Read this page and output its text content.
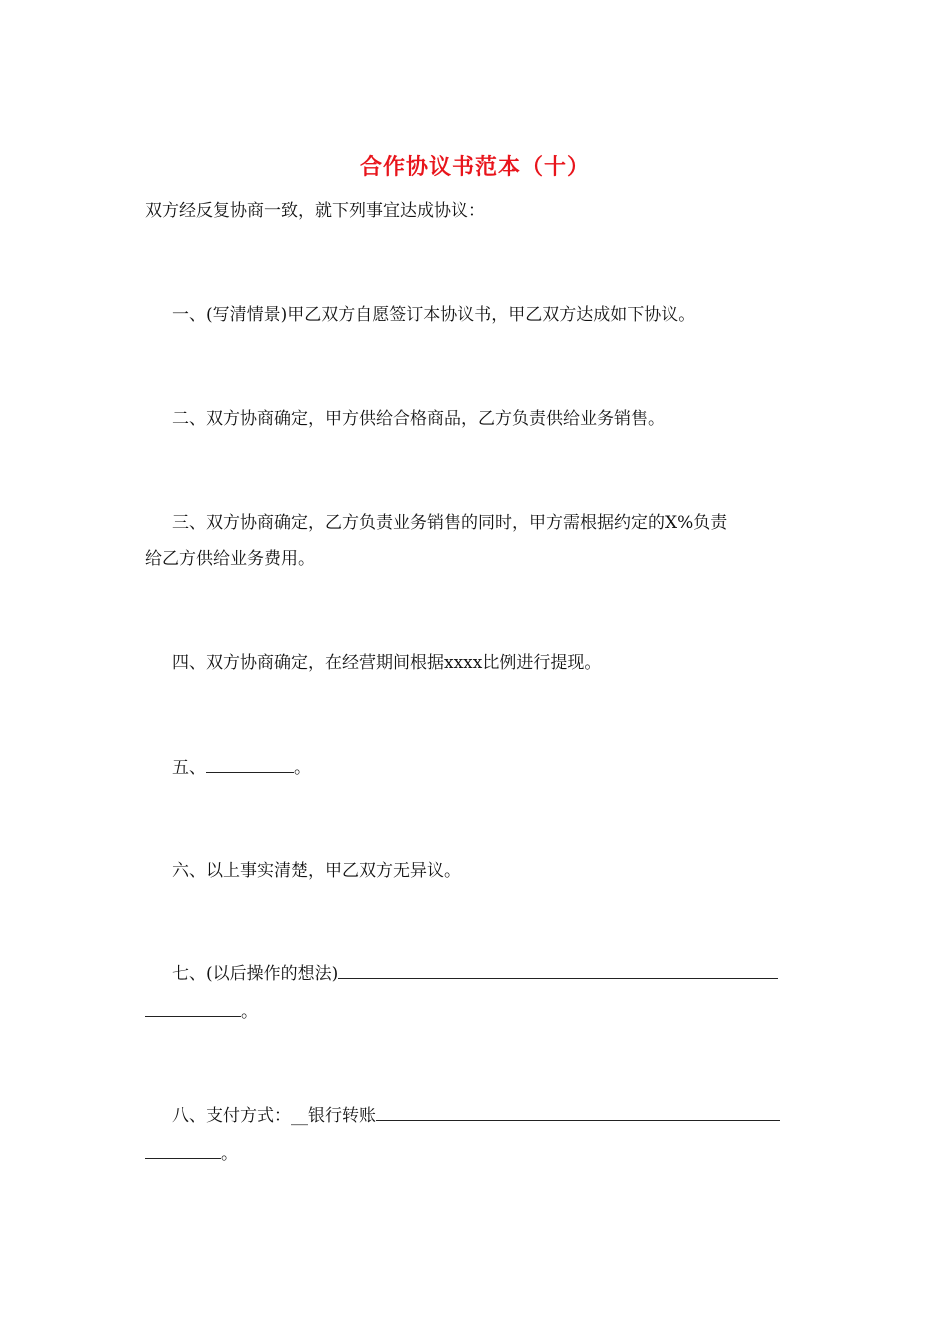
合作协议书范本（十）
双方经反复协商一致，就下列事宜达成协议：
一、(写清情景)甲乙双方自愿签订本协议书，甲乙双方达成如下协议。
二、双方协商确定，甲方供给合格商品，乙方负责供给业务销售。
三、双方协商确定，乙方负责业务销售的同时，甲方需根据约定的X%负责
给乙方供给业务费用。
四、双方协商确定，在经营期间根据xxxx比例进行提现。
五、	。
六、以上事实清楚，甲乙双方无异议。
七、(以后操作的想法)
。
八、支付方式：__银行转账
。
